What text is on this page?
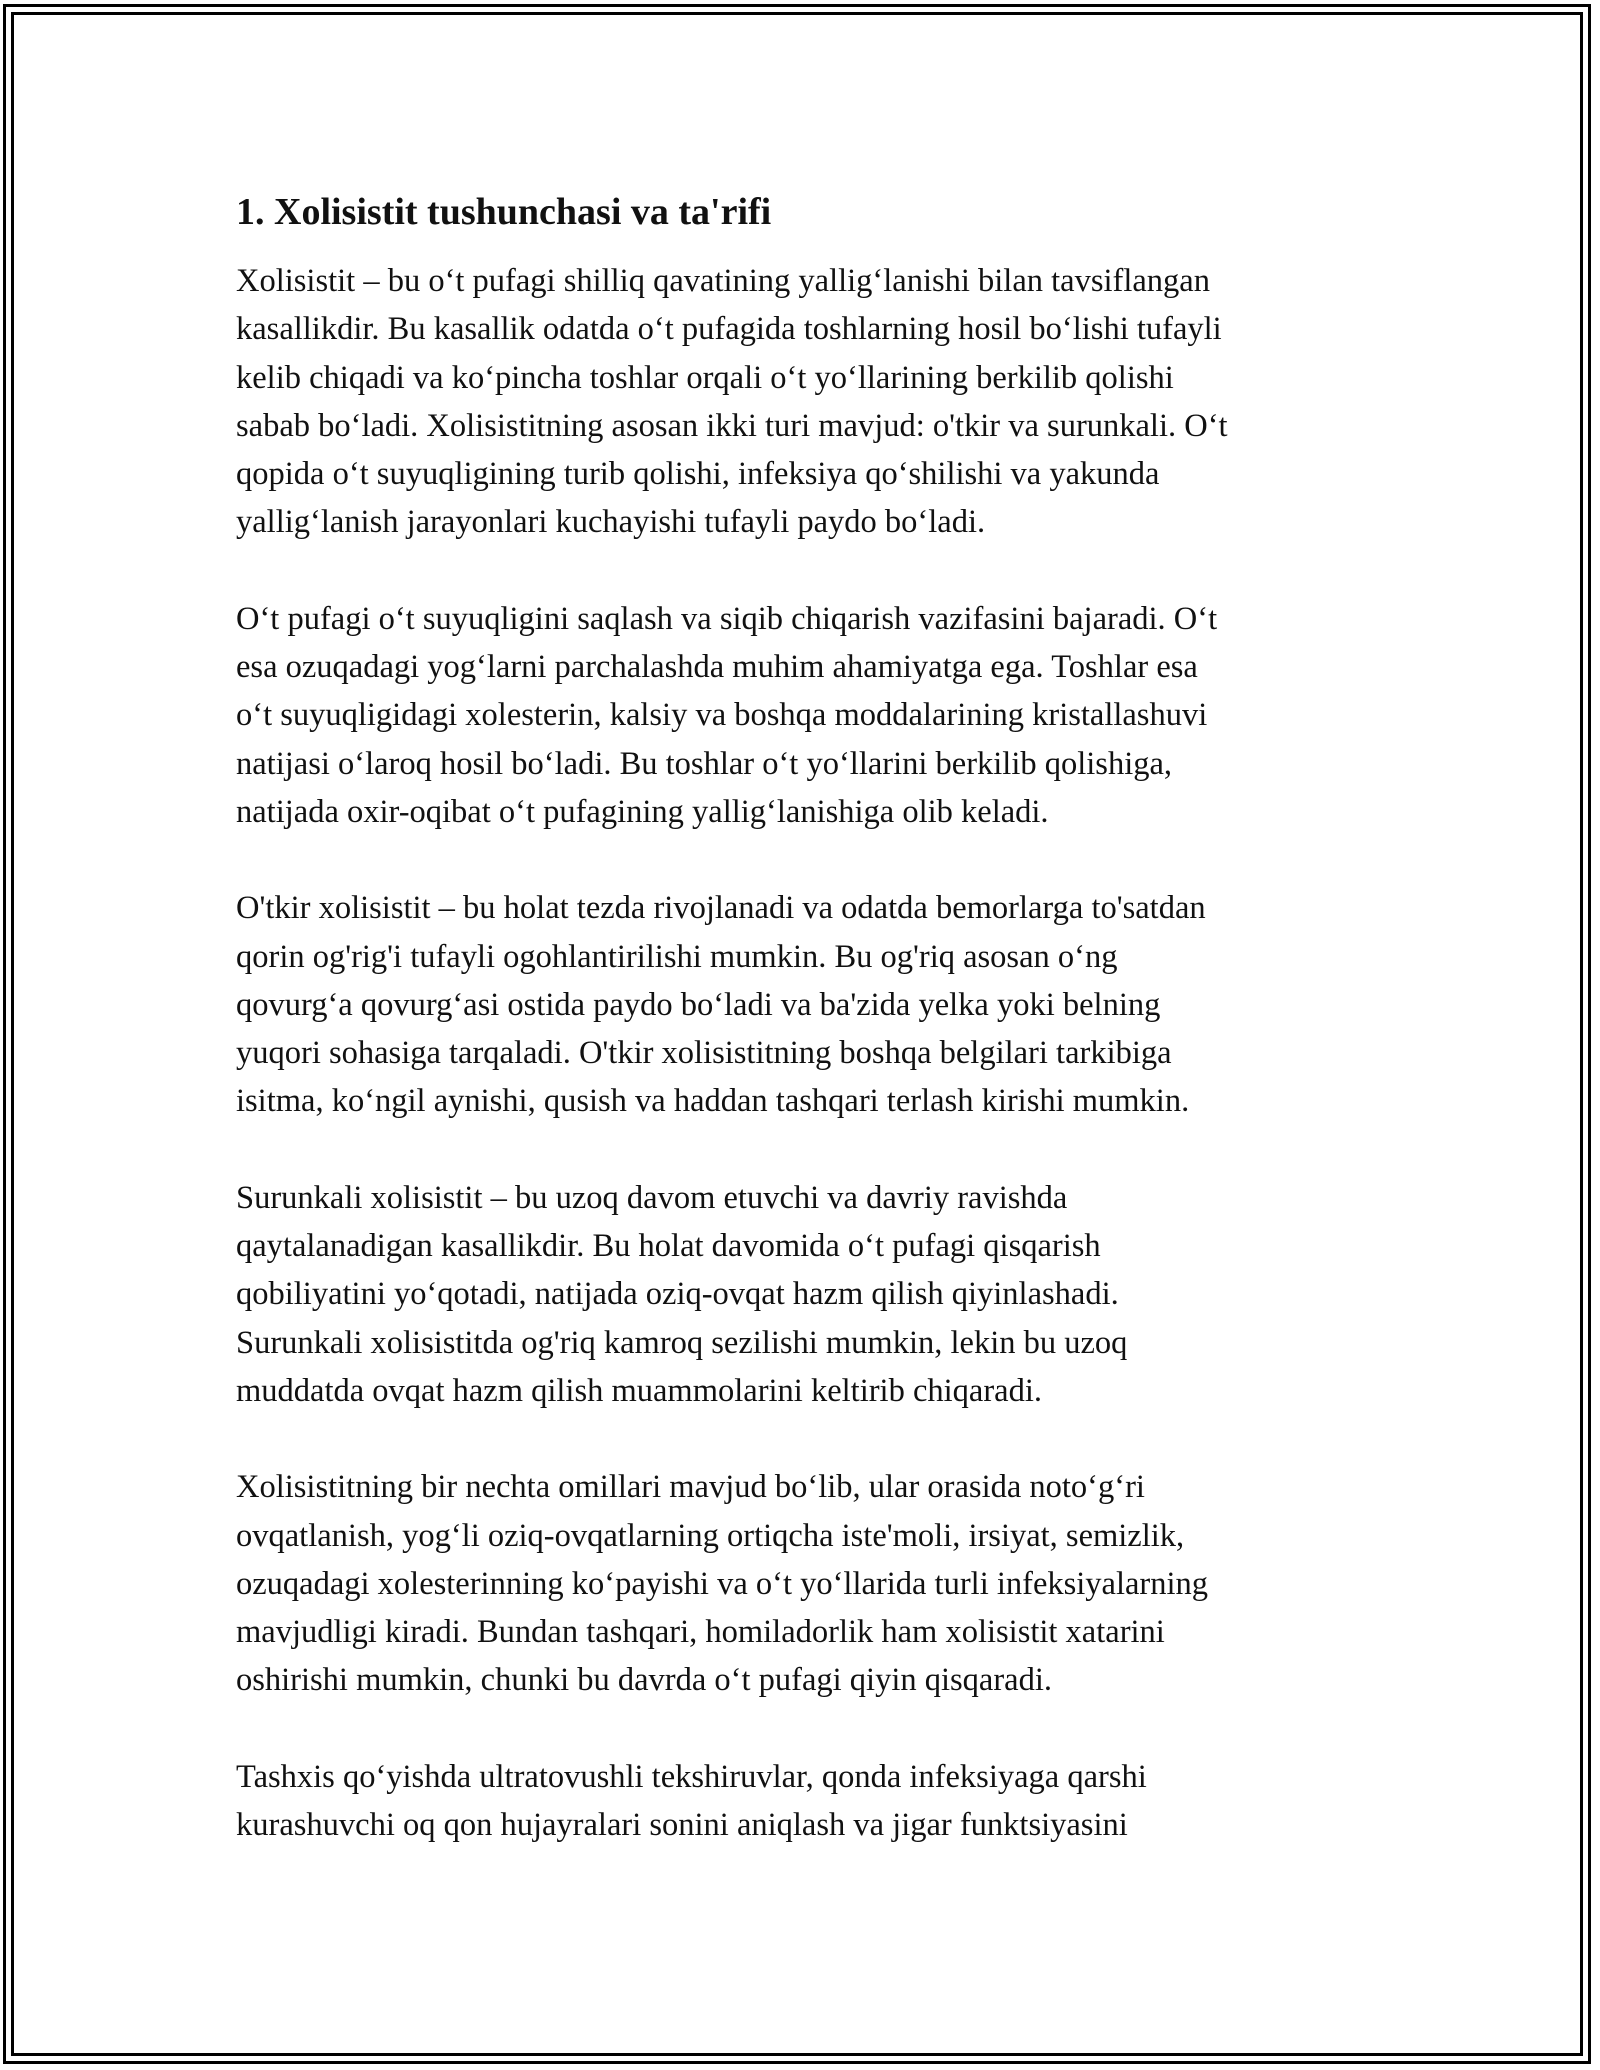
1. Xolisistit tushunchasi va ta'rifi

Xolisistit – bu oʻt pufagi shilliq qavatining yalligʻlanishi bilan tavsiflangan
kasallikdir. Bu kasallik odatda oʻt pufagida toshlarning hosil boʻlishi tufayli
kelib chiqadi va koʻpincha toshlar orqali oʻt yoʻllarining berkilib qolishi
sabab boʻladi. Xolisistitning asosan ikki turi mavjud: o'tkir va surunkali. Oʻt
qopida oʻt suyuqligining turib qolishi, infeksiya qoʻshilishi va yakunda
yalligʻlanish jarayonlari kuchayishi tufayli paydo boʻladi.

Oʻt pufagi oʻt suyuqligini saqlash va siqib chiqarish vazifasini bajaradi. Oʻt
esa ozuqadagi yogʻlarni parchalashda muhim ahamiyatga ega. Toshlar esa
oʻt suyuqligidagi xolesterin, kalsiy va boshqa moddalarining kristallashuvi
natijasi oʻlaroq hosil boʻladi. Bu toshlar oʻt yoʻllarini berkilib qolishiga,
natijada oxir-oqibat oʻt pufagining yalligʻlanishiga olib keladi.

O'tkir xolisistit – bu holat tezda rivojlanadi va odatda bemorlarga to'satdan
qorin og'rig'i tufayli ogohlantirilishi mumkin. Bu og'riq asosan oʻng
qovurgʻa qovurgʻasi ostida paydo boʻladi va ba'zida yelka yoki belning
yuqori sohasiga tarqaladi. O'tkir xolisistitning boshqa belgilari tarkibiga
isitma, koʻngil aynishi, qusish va haddan tashqari terlash kirishi mumkin.

Surunkali xolisistit – bu uzoq davom etuvchi va davriy ravishda
qaytalanadigan kasallikdir. Bu holat davomida oʻt pufagi qisqarish
qobiliyatini yoʻqotadi, natijada oziq-ovqat hazm qilish qiyinlashadi.
Surunkali xolisistitda og'riq kamroq sezilishi mumkin, lekin bu uzoq
muddatda ovqat hazm qilish muammolarini keltirib chiqaradi.

Xolisistitning bir nechta omillari mavjud boʻlib, ular orasida notoʻgʻri
ovqatlanish, yogʻli oziq-ovqatlarning ortiqcha iste'moli, irsiyat, semizlik,
ozuqadagi xolesterinning koʻpayishi va oʻt yoʻllarida turli infeksiyalarning
mavjudligi kiradi. Bundan tashqari, homiladorlik ham xolisistit xatarini
oshirishi mumkin, chunki bu davrda oʻt pufagi qiyin qisqaradi.

Tashxis qoʻyishda ultratovushli tekshiruvlar, qonda infeksiyaga qarshi
kurashuvchi oq qon hujayralari sonini aniqlash va jigar funktsiyasini
